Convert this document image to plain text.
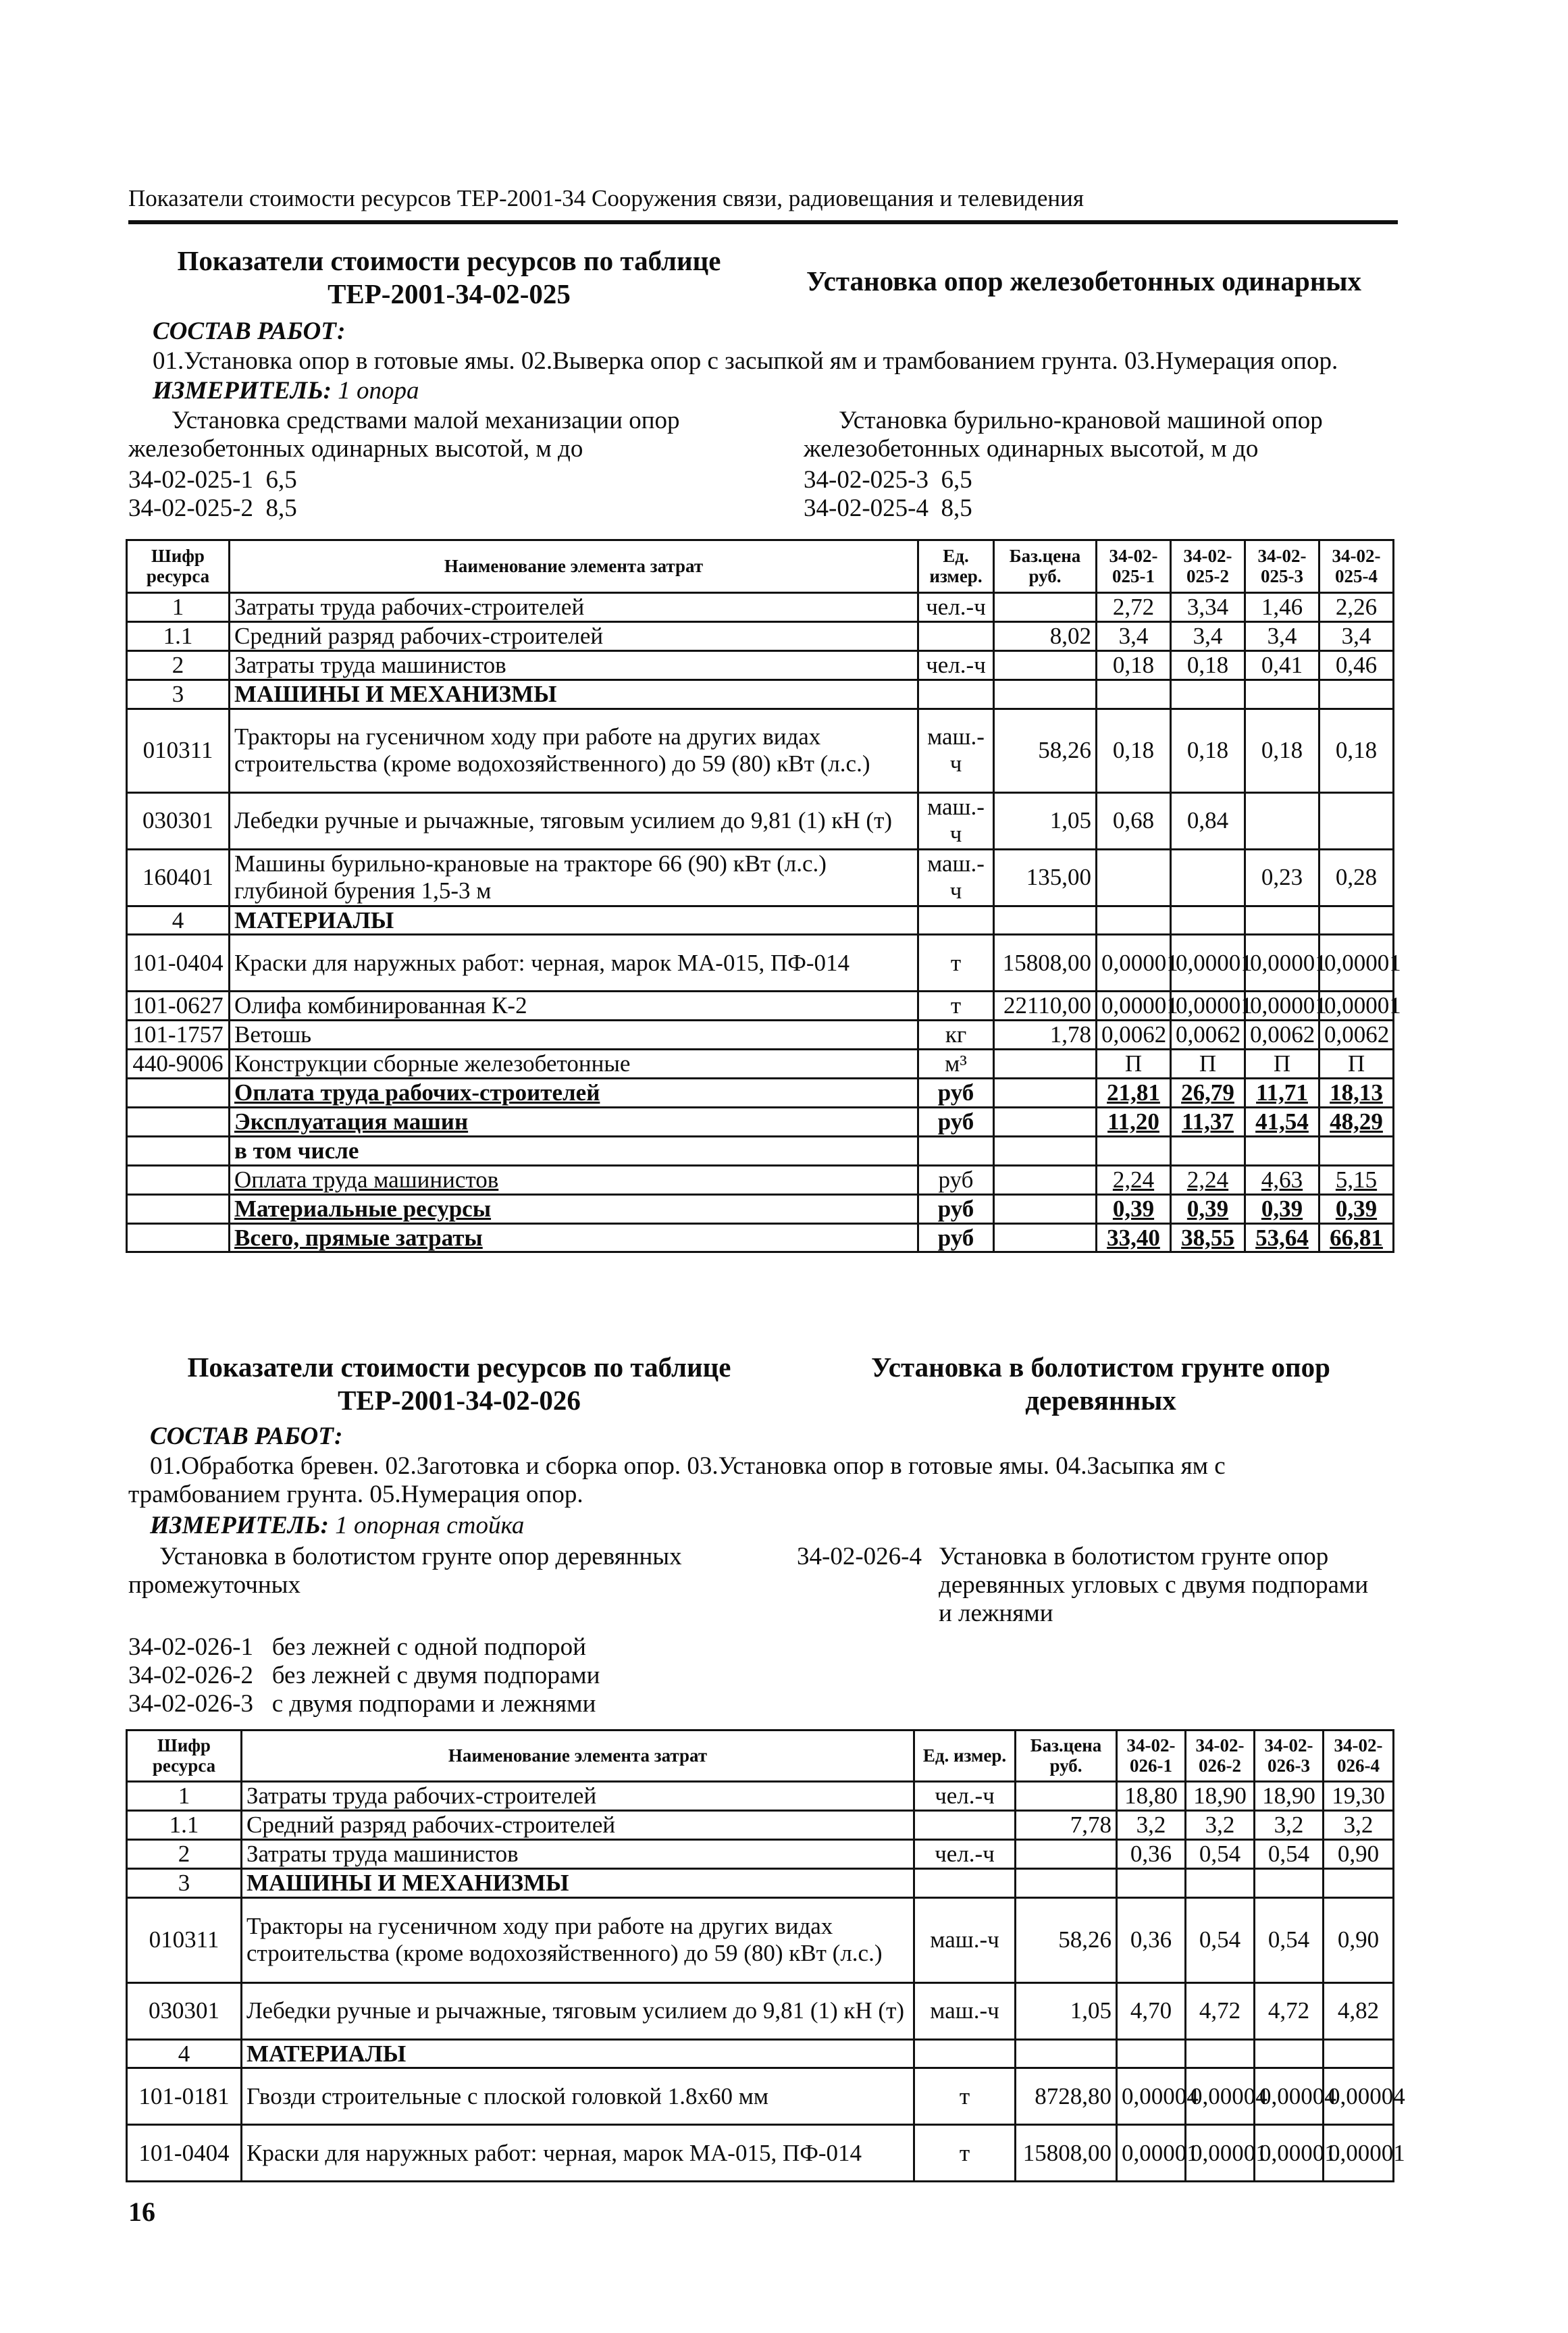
Показатели стоимости ресурсов ТЕР-2001-34 Сооружения связи, радиовещания и телевидения
Показатели стоимости ресурсов по таблице
ТЕР-2001-34-02-025	Установка опор железобетонных одинарных
СОСТАВ РАБОТ:
01.Установка опор в готовые ямы. 02.Выверка опор с засыпкой ям и трамбованием грунта. 03.Нумерация опор.
ИЗМЕРИТЕЛЬ: 1 опора
Установка средствами малой механизации опор железобетонных одинарных высотой, м до
Установка бурильно-крановой машиной опор железобетонных одинарных высотой, м до
34-02-025-1 6,5
34-02-025-2 8,5
34-02-025-3 6,5
34-02-025-4 8,5
Шифр ресурса	Наименование элемента затрат	Ед. измер.	Баз.цена руб.	34-02-025-1	34-02-025-2	34-02-025-3	34-02-025-4
1	Затраты труда рабочих-строителей	чел.-ч		2,72	3,34	1,46	2,26
1.1	Средний разряд рабочих-строителей		8,02	3,4	3,4	3,4	3,4
2	Затраты труда машинистов	чел.-ч		0,18	0,18	0,41	0,46
3	МАШИНЫ И МЕХАНИЗМЫ						
010311	Тракторы на гусеничном ходу при работе на других видах строительства (кроме водохозяйственного) до 59 (80) кВт (л.с.)	маш.-ч	58,26	0,18	0,18	0,18	0,18
030301	Лебедки ручные и рычажные, тяговым усилием до 9,81 (1) кН (т)	маш.-ч	1,05	0,68	0,84		
160401	Машины бурильно-крановые на тракторе 66 (90) кВт (л.с.) глубиной бурения 1,5-3 м	маш.-ч	135,00			0,23	0,28
4	МАТЕРИАЛЫ						
101-0404	Краски для наружных работ: черная, марок МА-015, ПФ-014	т	15808,00	0,00001	0,00001	0,00001	0,00001
101-0627	Олифа комбинированная К-2	т	22110,00	0,00001	0,00001	0,00001	0,00001
101-1757	Ветошь	кг	1,78	0,0062	0,0062	0,0062	0,0062
440-9006	Конструкции сборные железобетонные	м³		П	П	П	П
	Оплата труда рабочих-строителей	руб		21,81	26,79	11,71	18,13
	Эксплуатация машин	руб		11,20	11,37	41,54	48,29
	в том числе						
	Оплата труда машинистов	руб		2,24	2,24	4,63	5,15
	Материальные ресурсы	руб		0,39	0,39	0,39	0,39
	Всего, прямые затраты	руб		33,40	38,55	53,64	66,81
Показатели стоимости ресурсов по таблице
ТЕР-2001-34-02-026
Установка в болотистом грунте опор
деревянных
СОСТАВ РАБОТ:
01.Обработка бревен. 02.Заготовка и сборка опор. 03.Установка опор в готовые ямы. 04.Засыпка ям с трамбованием грунта. 05.Нумерация опор.
ИЗМЕРИТЕЛЬ: 1 опорная стойка
Установка в болотистом грунте опор деревянных промежуточных
34-02-026-4 Установка в болотистом грунте опор деревянных угловых с двумя подпорами и лежнями
34-02-026-1 без лежней с одной подпорой
34-02-026-2 без лежней с двумя подпорами
34-02-026-3 с двумя подпорами и лежнями
Шифр ресурса	Наименование элемента затрат	Ед. измер.	Баз.цена руб.	34-02-026-1	34-02-026-2	34-02-026-3	34-02-026-4
1	Затраты труда рабочих-строителей	чел.-ч		18,80	18,90	18,90	19,30
1.1	Средний разряд рабочих-строителей		7,78	3,2	3,2	3,2	3,2
2	Затраты труда машинистов	чел.-ч		0,36	0,54	0,54	0,90
3	МАШИНЫ И МЕХАНИЗМЫ						
010311	Тракторы на гусеничном ходу при работе на других видах строительства (кроме водохозяйственного) до 59 (80) кВт (л.с.)	маш.-ч	58,26	0,36	0,54	0,54	0,90
030301	Лебедки ручные и рычажные, тяговым усилием до 9,81 (1) кН (т)	маш.-ч	1,05	4,70	4,72	4,72	4,82
4	МАТЕРИАЛЫ						
101-0181	Гвозди строительные с плоской головкой 1.8х60 мм	т	8728,80	0,00004	0,00004	0,00004	0,00004
101-0404	Краски для наружных работ: черная, марок МА-015, ПФ-014	т	15808,00	0,00001	0,00001	0,00001	0,00001
16
